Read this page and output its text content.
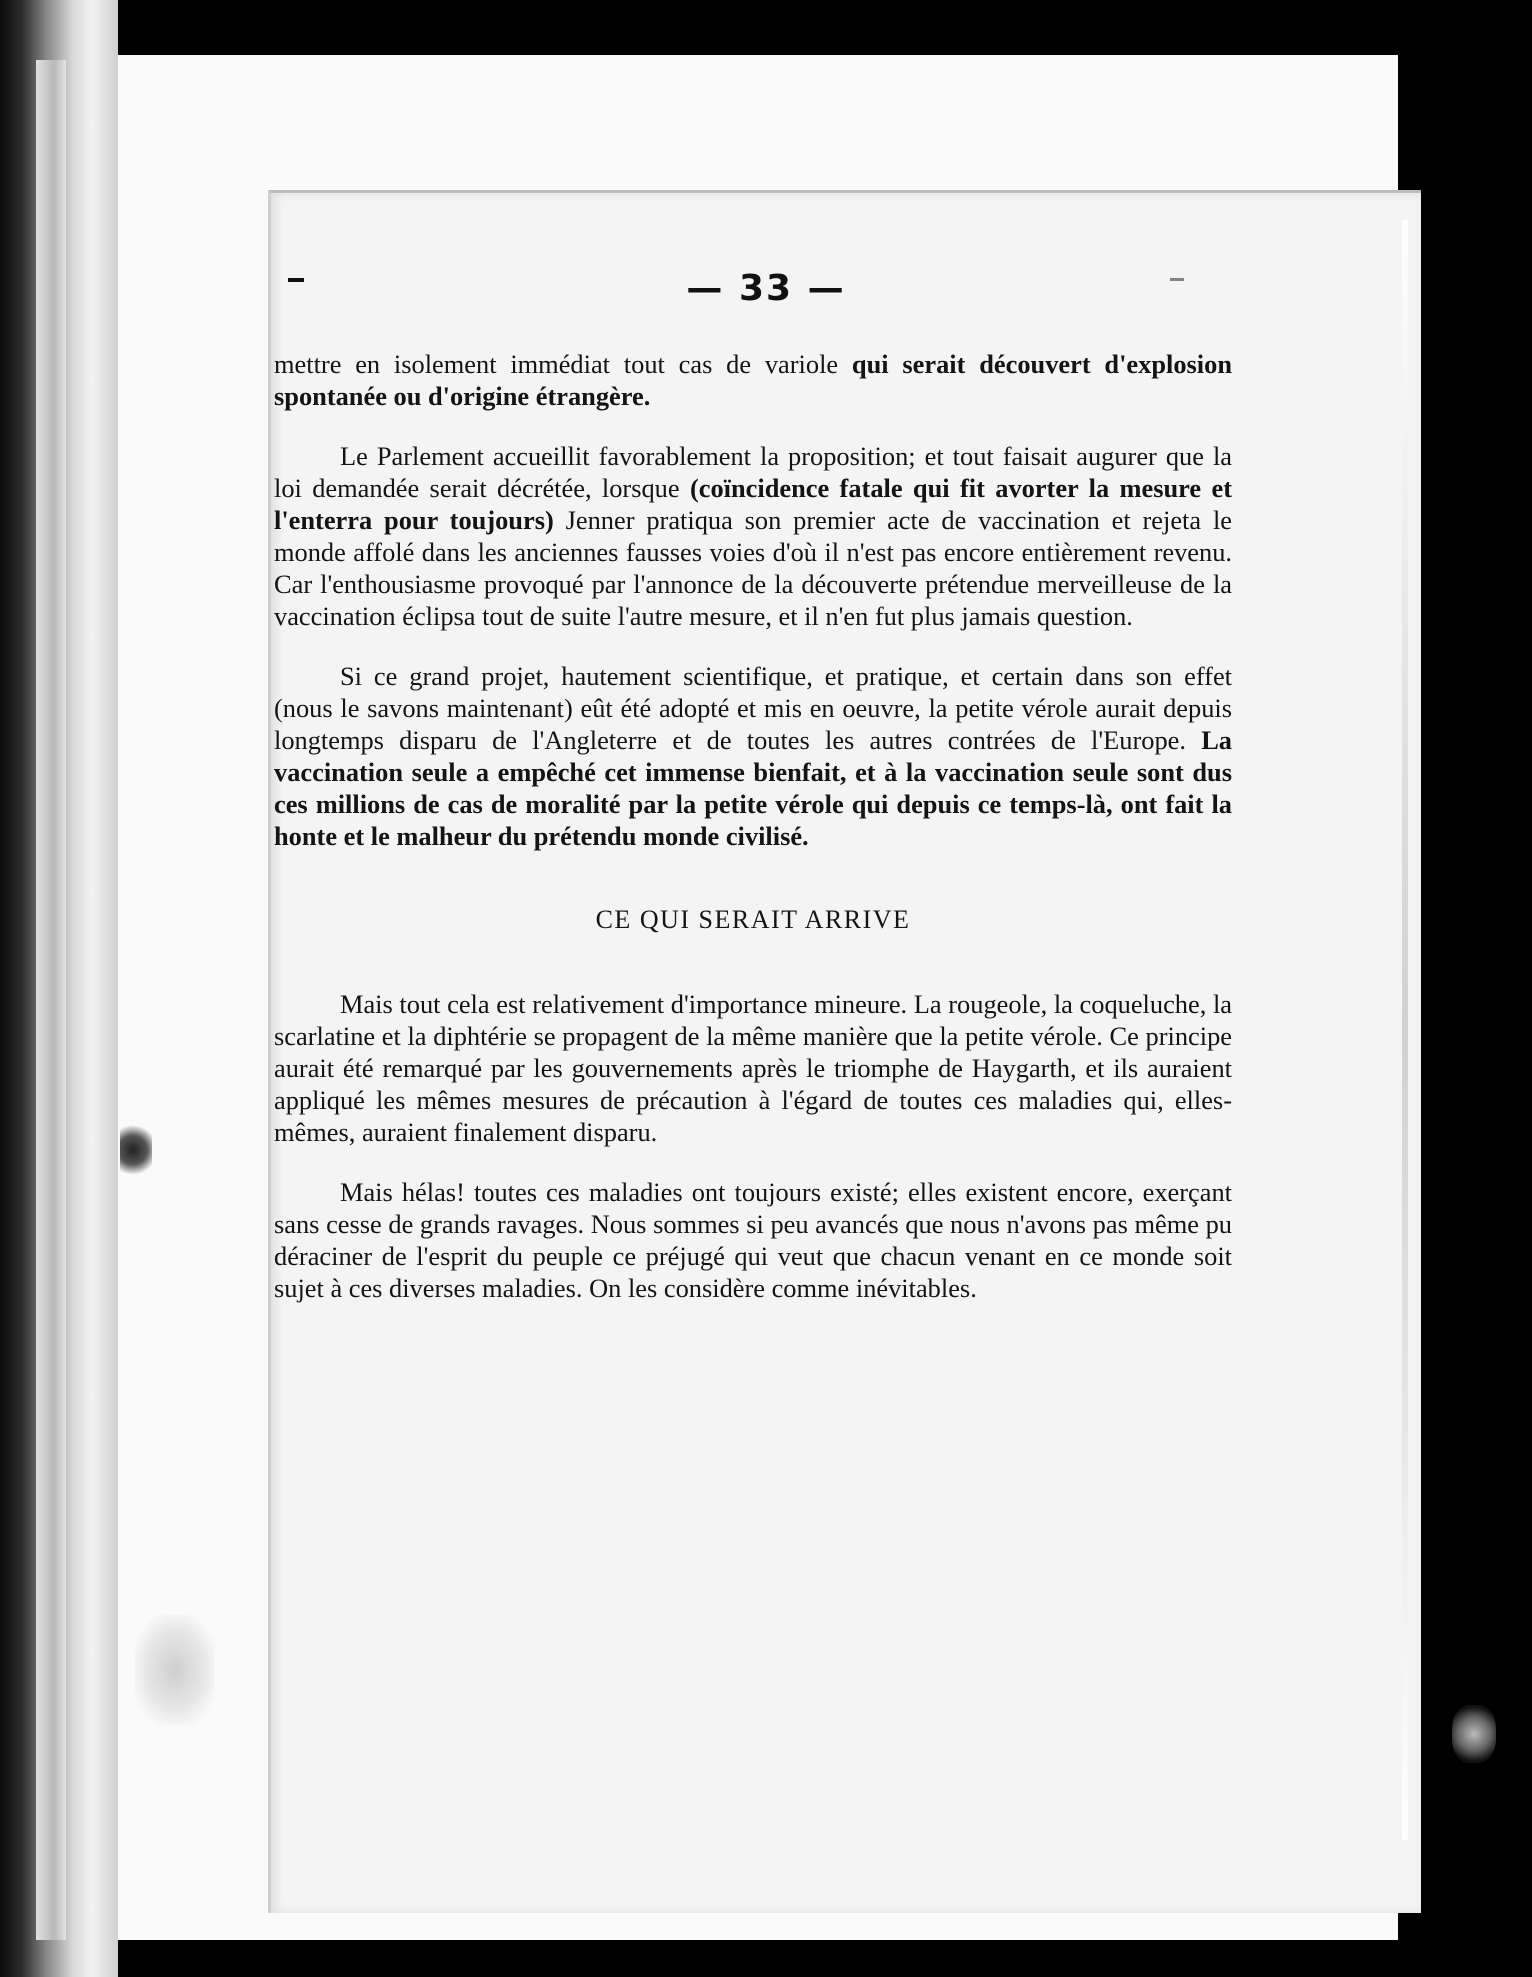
— 33 —

mettre en isolement immédiat tout cas de variole qui serait découvert d'explosion spontanée ou d'origine étrangère.

Le Parlement accueillit favorablement la proposition; et tout faisait augurer que la loi demandée serait décrétée, lorsque (coïncidence fatale qui fit avorter la mesure et l'enterra pour toujours) Jenner pratiqua son premier acte de vaccination et rejeta le monde affolé dans les anciennes fausses voies d'où il n'est pas encore entièrement revenu. Car l'enthousiasme provoqué par l'annonce de la découverte prétendue merveilleuse de la vaccination éclipsa tout de suite l'autre mesure, et il n'en fut plus jamais question.

Si ce grand projet, hautement scientifique, et pratique, et certain dans son effet (nous le savons maintenant) eût été adopté et mis en oeuvre, la petite vérole aurait depuis longtemps disparu de l'Angleterre et de toutes les autres contrées de l'Europe. La vaccination seule a empêché cet immense bienfait, et à la vaccination seule sont dus ces millions de cas de moralité par la petite vérole qui depuis ce temps-là, ont fait la honte et le malheur du prétendu monde civilisé.

CE QUI SERAIT ARRIVE

Mais tout cela est relativement d'importance mineure. La rougeole, la coqueluche, la scarlatine et la diphtérie se propagent de la même manière que la petite vérole. Ce principe aurait été remarqué par les gouvernements après le triomphe de Haygarth, et ils auraient appliqué les mêmes mesures de précaution à l'égard de toutes ces maladies qui, elles-mêmes, auraient finalement disparu.

Mais hélas! toutes ces maladies ont toujours existé; elles existent encore, exerçant sans cesse de grands ravages. Nous sommes si peu avancés que nous n'avons pas même pu déraciner de l'esprit du peuple ce préjugé qui veut que chacun venant en ce monde soit sujet à ces diverses maladies. On les considère comme inévitables.
